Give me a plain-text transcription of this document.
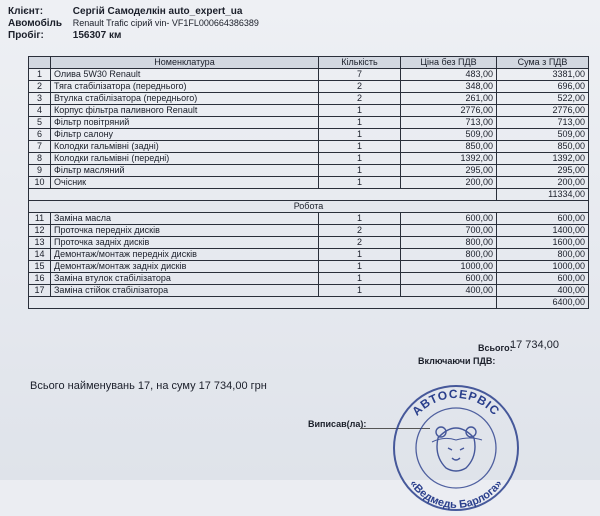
Клієнт:	Сергій Самоделкін auto_expert_ua
Авомобіль Renault Trafic сірий vin- VF1FL000664386389
Пробіг:	156307 км
	Номенклатура	Кількість	Ціна без ПДВ	Сума з ПДВ
1	Олива 5W30 Renault	7	483,00	3381,00
2	Тяга стабілізатора (переднього)	2	348,00	696,00
3	Втулка стабілізатора (переднього)	2	261,00	522,00
4	Корпус фільтра паливного Renault	1	2776,00	2776,00
5	Фільтр повітряний	1	713,00	713,00
6	Фільтр салону	1	509,00	509,00
7	Колодки гальмівні (задні)	1	850,00	850,00
8	Колодки гальмівні (передні)	1	1392,00	1392,00
9	Фільтр масляний	1	295,00	295,00
10	Очісник	1	200,00	200,00
				11334,00
Робота				
11	Заміна масла	1	600,00	600,00
12	Проточка передніх дисків	2	700,00	1400,00
13	Проточка задніх дисків	2	800,00	1600,00
14	Демонтаж/монтаж передніх дисків	1	800,00	800,00
15	Демонтаж/монтаж задніх дисків	1	1000,00	1000,00
16	Заміна втулок стабілізатора	1	600,00	600,00
17	Заміна стійок стабілізатора	1	400,00	400,00
				6400,00
Всього:
17 734,00
Включаючи ПДВ:
Всього найменувань 17, на суму 17 734,00 грн
Виписав(ла):
АВТОСЕРВІС
«Ведмедь Барлога»
